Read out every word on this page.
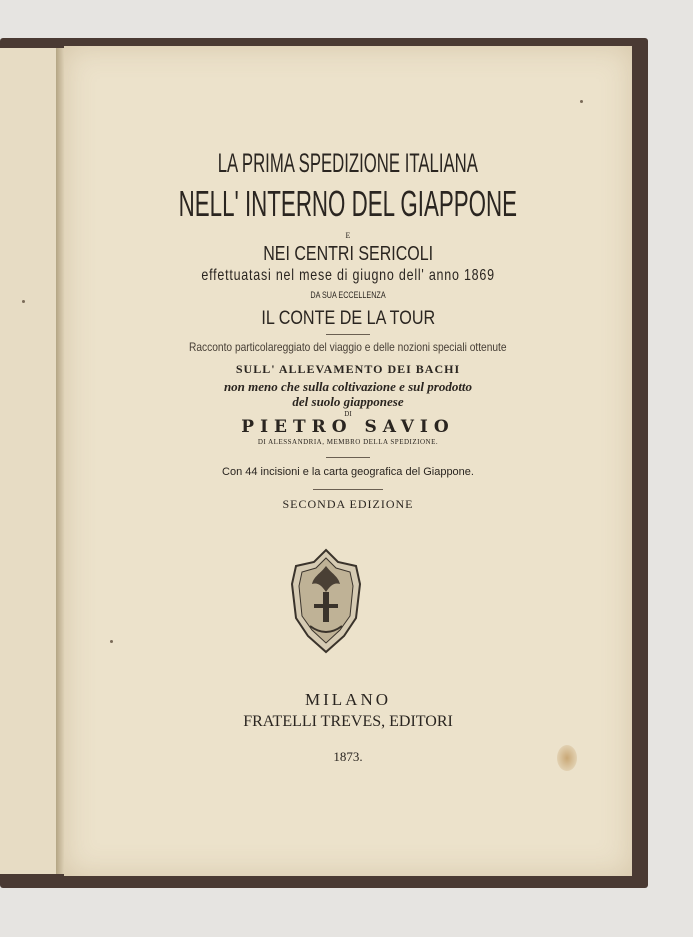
LA PRIMA SPEDIZIONE ITALIANA
NELL' INTERNO DEL GIAPPONE
E
NEI CENTRI SERICOLI
effettuatasi nel mese di giugno dell' anno 1869
DA SUA ECCELLENZA
IL CONTE DE LA TOUR
Racconto particolareggiato del viaggio e delle nozioni speciali ottenute
SULL' ALLEVAMENTO DEI BACHI
non meno che sulla coltivazione e sul prodotto
del suolo giapponese
DI
PIETRO SAVIO
DI ALESSANDRIA, MEMBRO DELLA SPEDIZIONE.
Con 44 incisioni e la carta geografica del Giappone.
SECONDA EDIZIONE
MILANO
FRATELLI TREVES, EDITORI
1873.
